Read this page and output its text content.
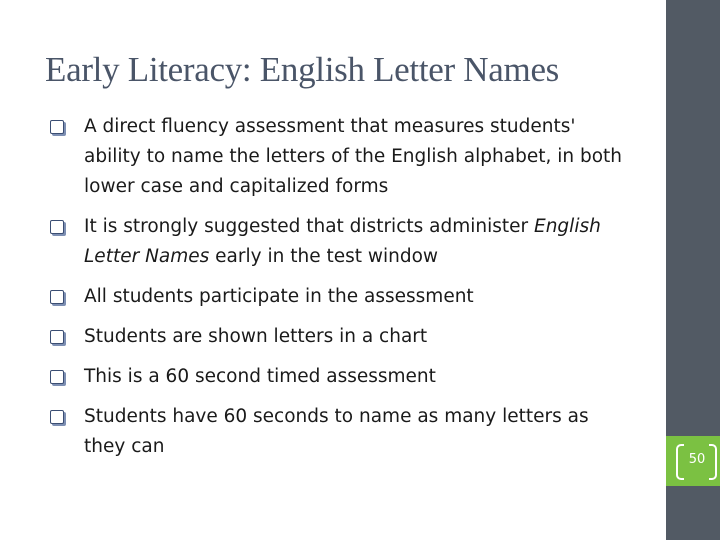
Early Literacy: English Letter Names
A direct fluency assessment that measures students' ability to name the letters of the English alphabet, in both lower case and capitalized forms
It is strongly suggested that districts administer English Letter Names early in the test window
All students participate in the assessment
Students are shown letters in a chart
This is a 60 second timed assessment
Students have 60 seconds to name as many letters as they can
50
